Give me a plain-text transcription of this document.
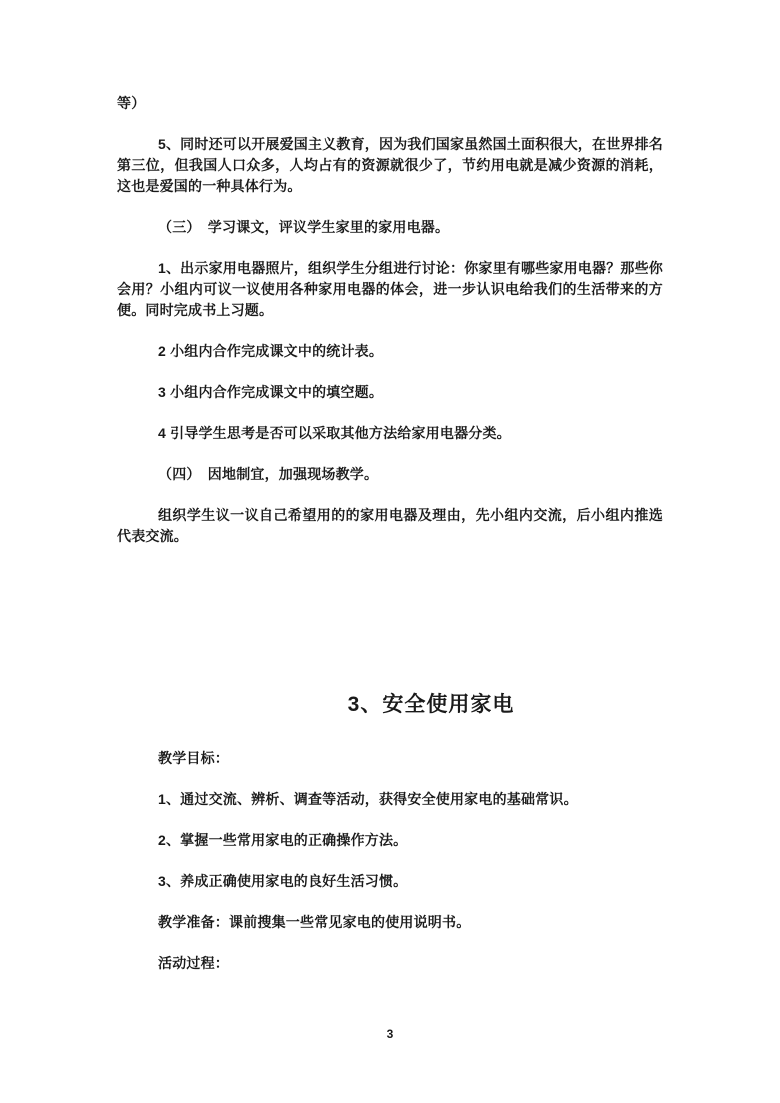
等）

5、同时还可以开展爱国主义教育，因为我们国家虽然国土面积很大，在世界排名第三位，但我国人口众多，人均占有的资源就很少了，节约用电就是减少资源的消耗，这也是爱国的一种具体行为。

（三）　学习课文，评议学生家里的家用电器。

1、出示家用电器照片，组织学生分组进行讨论：你家里有哪些家用电器？那些你会用？小组内可议一议使用各种家用电器的体会，进一步认识电给我们的生活带来的方便。同时完成书上习题。

2 小组内合作完成课文中的统计表。

3 小组内合作完成课文中的填空题。

4 引导学生思考是否可以采取其他方法给家用电器分类。

（四）　因地制宜，加强现场教学。

组织学生议一议自己希望用的的家用电器及理由，先小组内交流，后小组内推选代表交流。

3、安全使用家电

教学目标：

1、通过交流、辨析、调查等活动，获得安全使用家电的基础常识。

2、掌握一些常用家电的正确操作方法。

3、养成正确使用家电的良好生活习惯。

教学准备：课前搜集一些常见家电的使用说明书。

活动过程：

3
